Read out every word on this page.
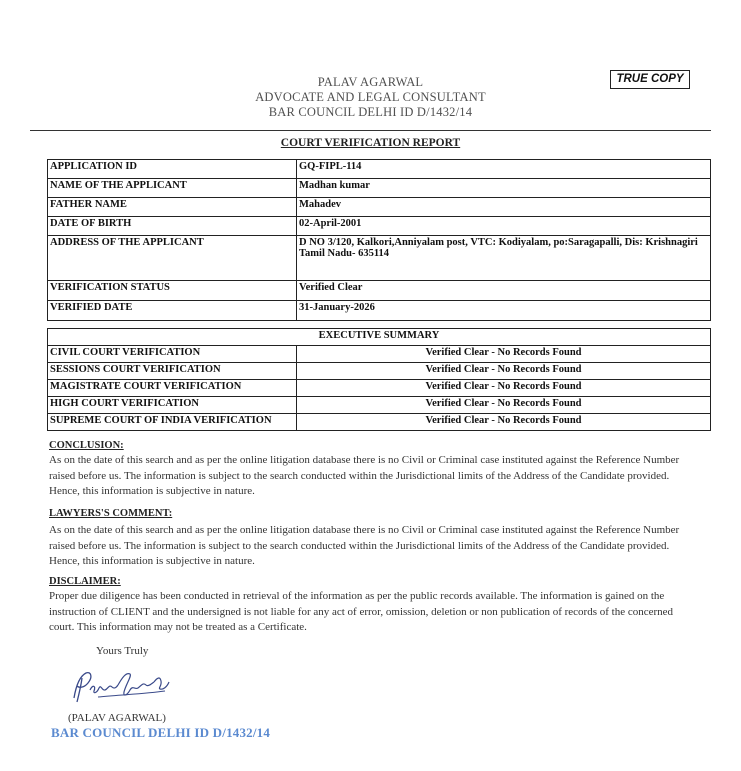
PALAV AGARWAL
ADVOCATE AND LEGAL CONSULTANT
BAR COUNCIL DELHI ID D/1432/14
TRUE COPY
COURT VERIFICATION REPORT
APPLICATION ID	GQ-FIPL-114
NAME OF THE APPLICANT	Madhan kumar
FATHER NAME	Mahadev
DATE OF BIRTH	02-April-2001
ADDRESS OF THE APPLICANT	D NO 3/120, Kalkori,Anniyalam post, VTC: Kodiyalam, po:Saragapalli, Dis: Krishnagiri Tamil Nadu- 635114
VERIFICATION STATUS	Verified Clear
VERIFIED DATE	31-January-2026
EXECUTIVE SUMMARY	
CIVIL COURT VERIFICATION	Verified Clear - No Records Found
SESSIONS COURT VERIFICATION	Verified Clear - No Records Found
MAGISTRATE COURT VERIFICATION	Verified Clear - No Records Found
HIGH COURT VERIFICATION	Verified Clear - No Records Found
SUPREME COURT OF INDIA VERIFICATION	Verified Clear - No Records Found
CONCLUSION:
As on the date of this search and as per the online litigation database there is no Civil or Criminal case instituted against the Reference Number raised before us. The information is subject to the search conducted within the Jurisdictional limits of the Address of the Candidate provided. Hence, this information is subjective in nature.
LAWYERS'S COMMENT:
As on the date of this search and as per the online litigation database there is no Civil or Criminal case instituted against the Reference Number raised before us. The information is subject to the search conducted within the Jurisdictional limits of the Address of the Candidate provided. Hence, this information is subjective in nature.
DISCLAIMER:
Proper due diligence has been conducted in retrieval of the information as per the public records available. The information is gained on the instruction of CLIENT and the undersigned is not liable for any act of error, omission, deletion or non publication of records of the concerned court. This information may not be treated as a Certificate.
Yours Truly
(PALAV AGARWAL)
BAR COUNCIL DELHI ID D/1432/14
